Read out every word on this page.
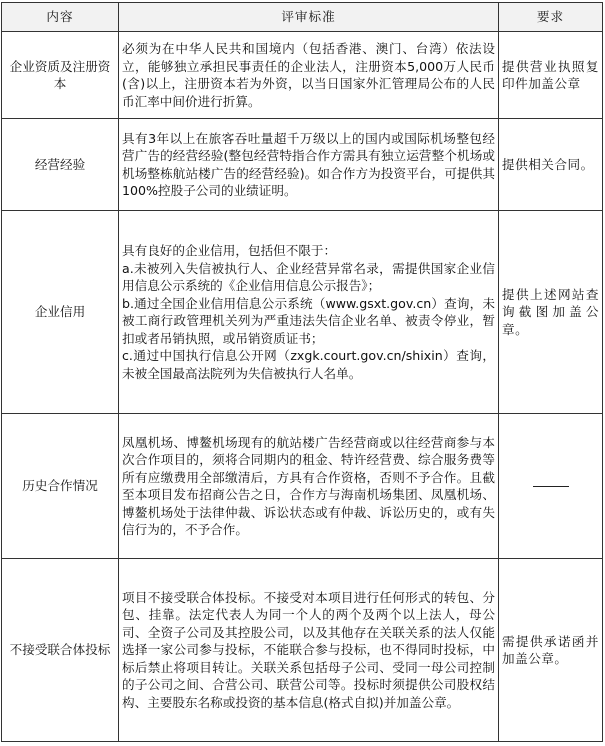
内容	评审标准	要求
企业资质及注册资本	必须为在中华人民共和国境内（包括香港、澳门、台湾）依法设立，能够独立承担民事责任的企业法人，注册资本5,000万人民币(含)以上，注册资本若为外资，以当日国家外汇管理局公布的人民币汇率中间价进行折算。	提供营业执照复印件加盖公章
经营经验	具有3年以上在旅客吞吐量超千万级以上的国内或国际机场整包经营广告的经营经验(整包经营特指合作方需具有独立运营整个机场或机场整栋航站楼广告的经营经验)。如合作方为投资平台，可提供其100%控股子公司的业绩证明。	提供相关合同。
企业信用	具有良好的企业信用，包括但不限于：
a.未被列入失信被执行人、企业经营异常名录，需提供国家企业信用信息公示系统的《企业信用信息公示报告》；
b.通过全国企业信用信息公示系统（www.gsxt.gov.cn）查询，未被工商行政管理机关列为严重违法失信企业名单、被责令停业，暂扣或者吊销执照，或吊销资质证书；
c.通过中国执行信息公开网（zxgk.court.gov.cn/shixin）查询，未被全国最高法院列为失信被执行人名单。	提供上述网站查询截图加盖公章。
历史合作情况	凤凰机场、博鳌机场现有的航站楼广告经营商或以往经营商参与本次合作项目的，须将合同期内的租金、特许经营费、综合服务费等所有应缴费用全部缴清后，方具有合作资格，否则不予合作。且截至本项目发布招商公告之日，合作方与海南机场集团、凤凰机场、博鳌机场处于法律仲裁、诉讼状态或有仲裁、诉讼历史的，或有失信行为的，不予合作。	
不接受联合体投标	项目不接受联合体投标。不接受对本项目进行任何形式的转包、分包、挂靠。法定代表人为同一个人的两个及两个以上法人，母公司、全资子公司及其控股公司，以及其他存在关联关系的法人仅能选择一家公司参与投标，不能联合参与投标，也不得同时投标，中标后禁止将项目转让。关联关系包括母子公司、受同一母公司控制的子公司之间、合营公司、联营公司等。投标时须提供公司股权结构、主要股东名称或投资的基本信息(格式自拟)并加盖公章。	需提供承诺函并加盖公章。
